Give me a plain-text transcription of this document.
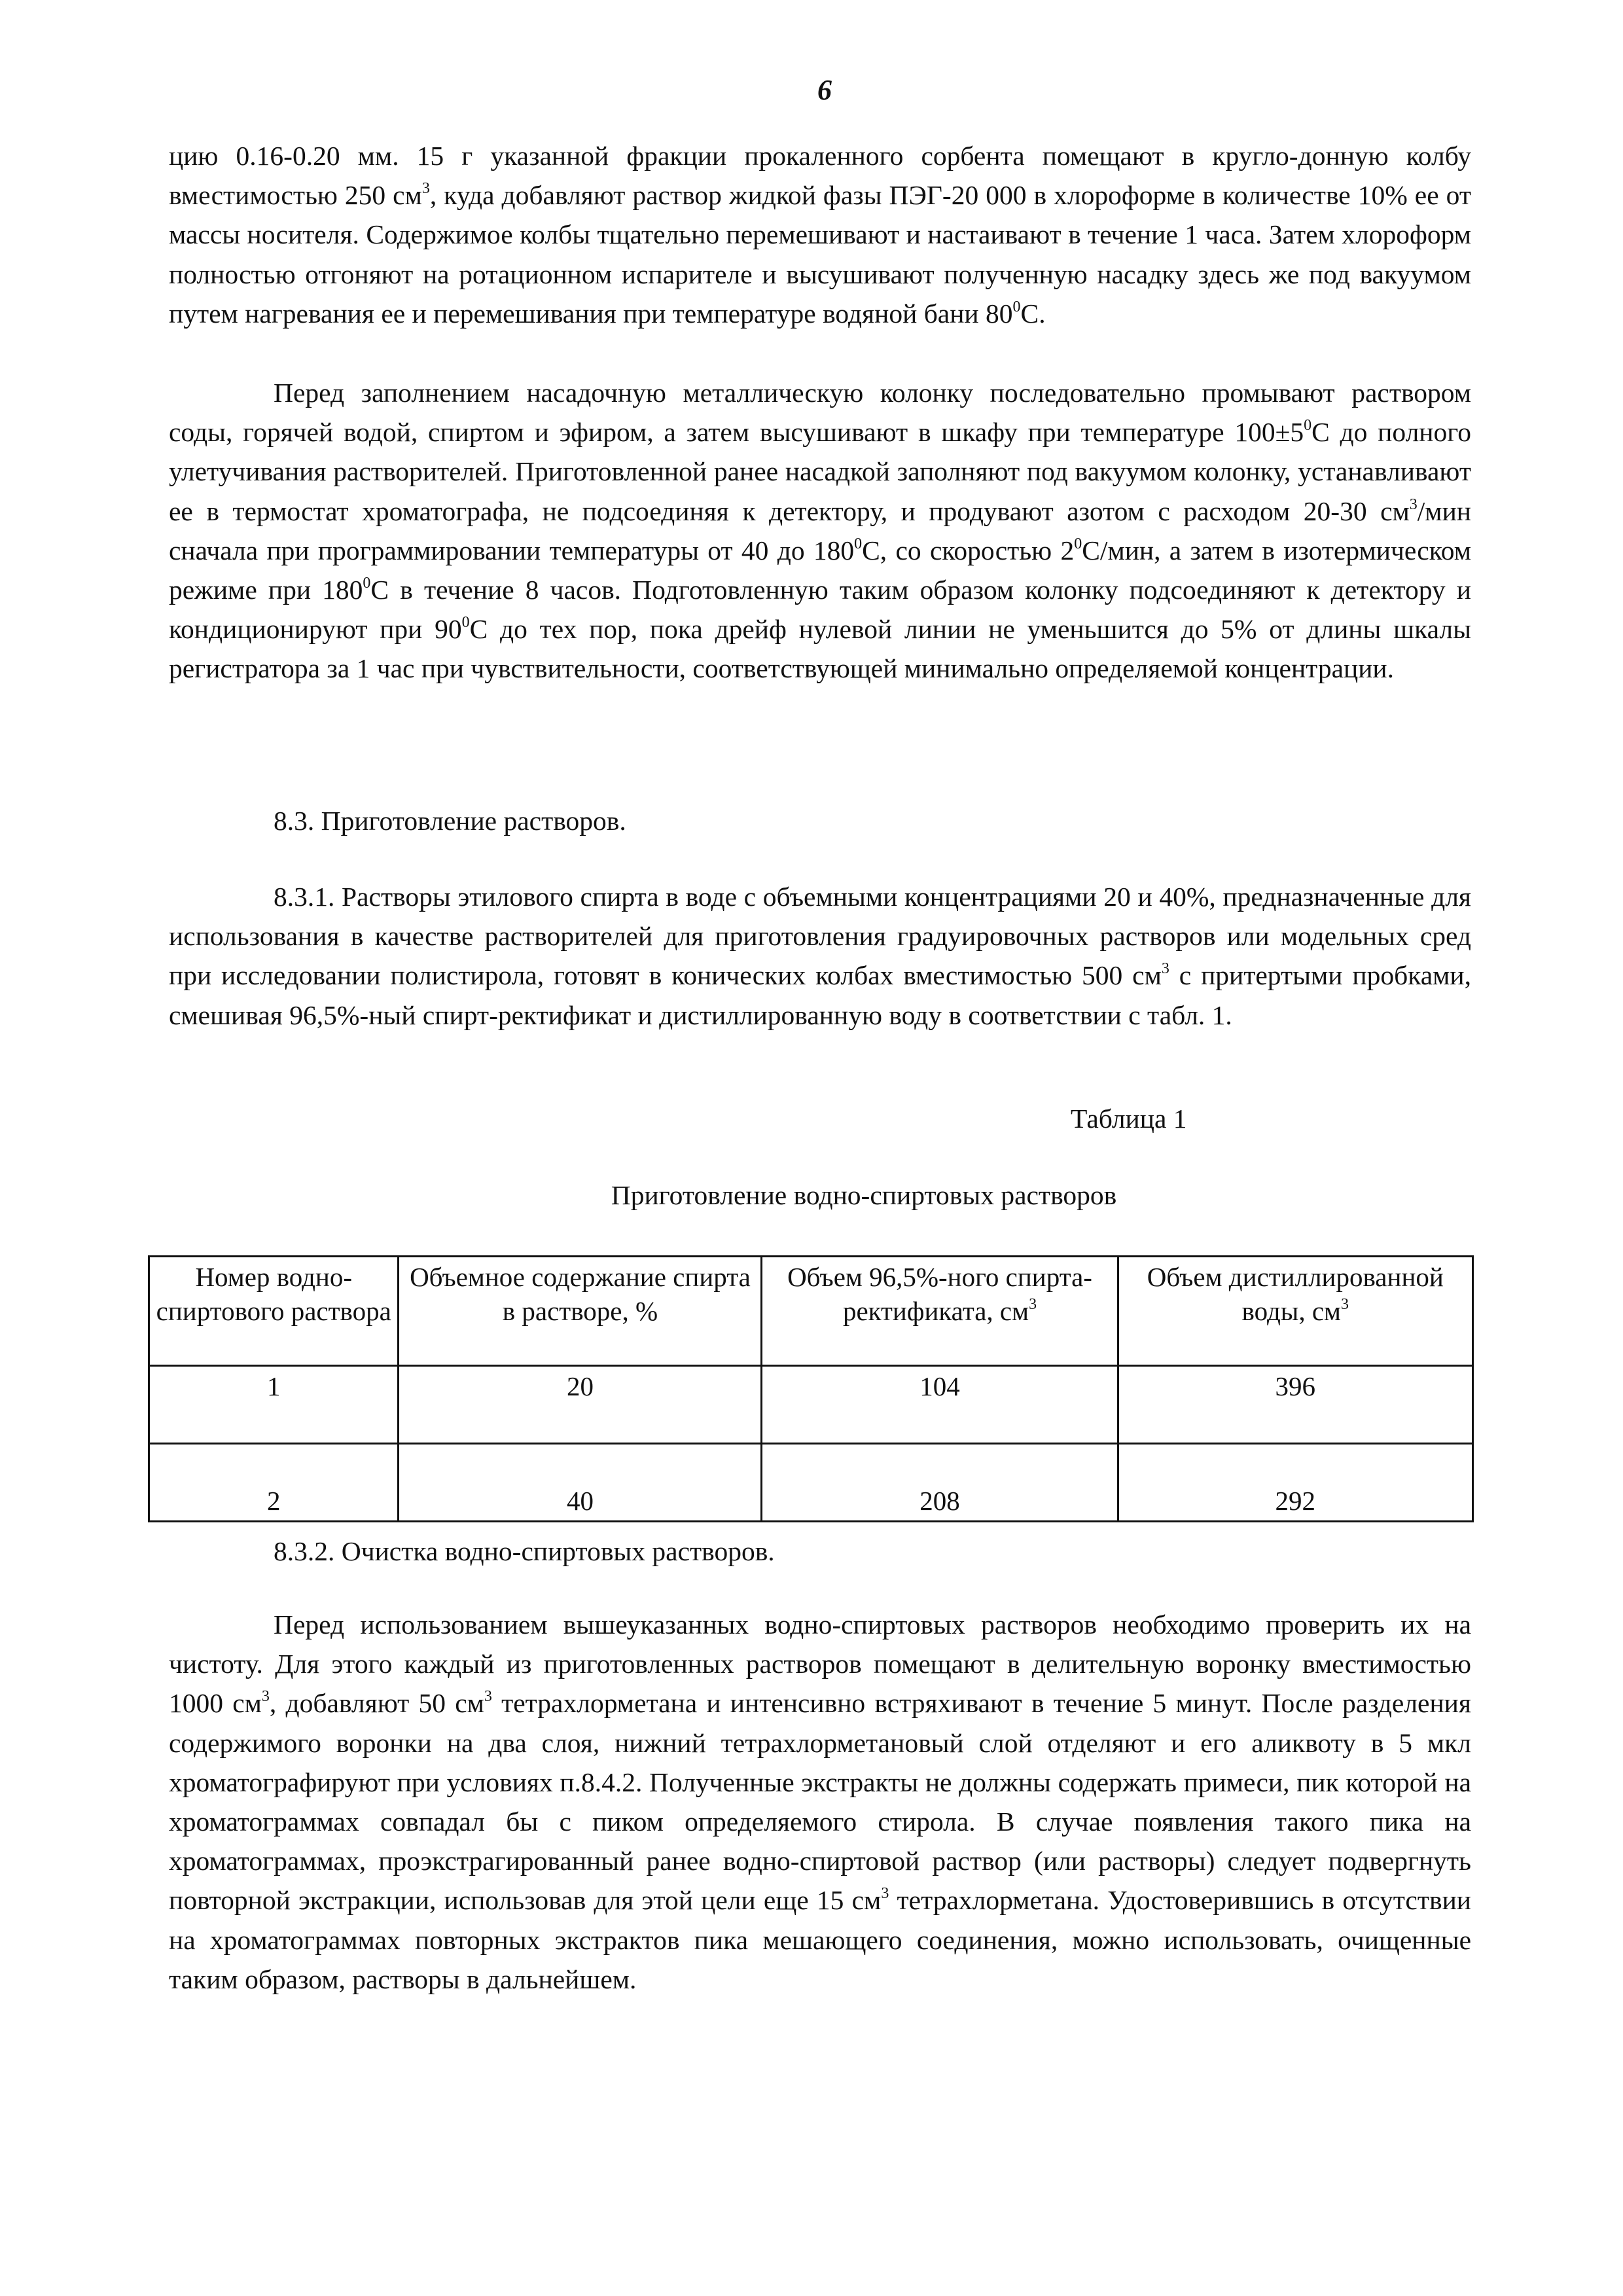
6
цию 0.16-0.20 мм. 15 г указанной фракции прокаленного сорбента помещают в кругло-донную колбу вместимостью 250 $см^3$, куда добавляют раствор жидкой фазы ПЭГ-20 000 в хлороформе в количестве 10% ее от массы носителя. Содержимое колбы тщательно перемешивают и настаивают в течение 1 часа. Затем хлороформ полностью отгоняют на ротационном испарителе и высушивают полученную насадку здесь же под вакуумом путем нагревания ее и перемешивания при температуре водяной бани $80^0С$.
Перед заполнением насадочную металлическую колонку последовательно промывают раствором соды, горячей водой, спиртом и эфиром, а затем высушивают в шкафу при температуре $100\pm 5^0С$ до полного улетучивания растворителей. Приготовленной ранее насадкой заполняют под вакуумом колонку, устанавливают ее в термостат хроматографа, не подсоединяя к детектору, и продувают азотом с расходом 20-30 $см^3$/мин сначала при программировании температуры от 40 до $180^0С$, со скоростью $2^0С$/мин, а затем в изотермическом режиме при $180^0С$ в течение 8 часов. Подготовленную таким образом колонку подсоединяют к детектору и кондиционируют при $90^0С$ до тех пор, пока дрейф нулевой линии не уменьшится до 5% от длины шкалы регистратора за 1 час при чувствительности, соответствующей минимально определяемой концентрации.
8.3. Приготовление растворов.
8.3.1. Растворы этилового спирта в воде с объемными концентрациями 20 и 40%, предназначенные для использования в качестве растворителей для приготовления градуировочных растворов или модельных сред при исследовании полистирола, готовят в конических колбах вместимостью 500 $см^3$ с притертыми пробками, смешивая 96,5%-ный спирт-ректификат и дистиллированную воду в соответствии с табл. 1.
Таблица 1
Приготовление водно-спиртовых растворов
Номер водно-спиртового раствора	Объемное содержание спирта в растворе, %	Объем 96,5%-ного спирта-ректификата, $см^3$	Объем дистиллированной воды, $см^3$
1	20	104	396
2	40	208	292
8.3.2. Очистка водно-спиртовых растворов.
Перед использованием вышеуказанных водно-спиртовых растворов необходимо проверить их на чистоту. Для этого каждый из приготовленных растворов помещают в делительную воронку вместимостью 1000 $см^3$, добавляют 50 $см^3$ тетрахлорметана и интенсивно встряхивают в течение 5 минут. После разделения содержимого воронки на два слоя, нижний тетрахлорметановый слой отделяют и его аликвоту в 5 мкл хроматографируют при условиях п.8.4.2. Полученные экстракты не должны содержать примеси, пик которой на хроматограммах совпадал бы с пиком определяемого стирола. В случае появления такого пика на хроматограммах, проэкстрагированный ранее водно-спиртовой раствор (или растворы) следует подвергнуть повторной экстракции, использовав для этой цели еще 15 $см^3$ тетрахлорметана. Удостоверившись в отсутствии на хроматограммах повторных экстрактов пика мешающего соединения, можно использовать, очищенные таким образом, растворы в дальнейшем.
